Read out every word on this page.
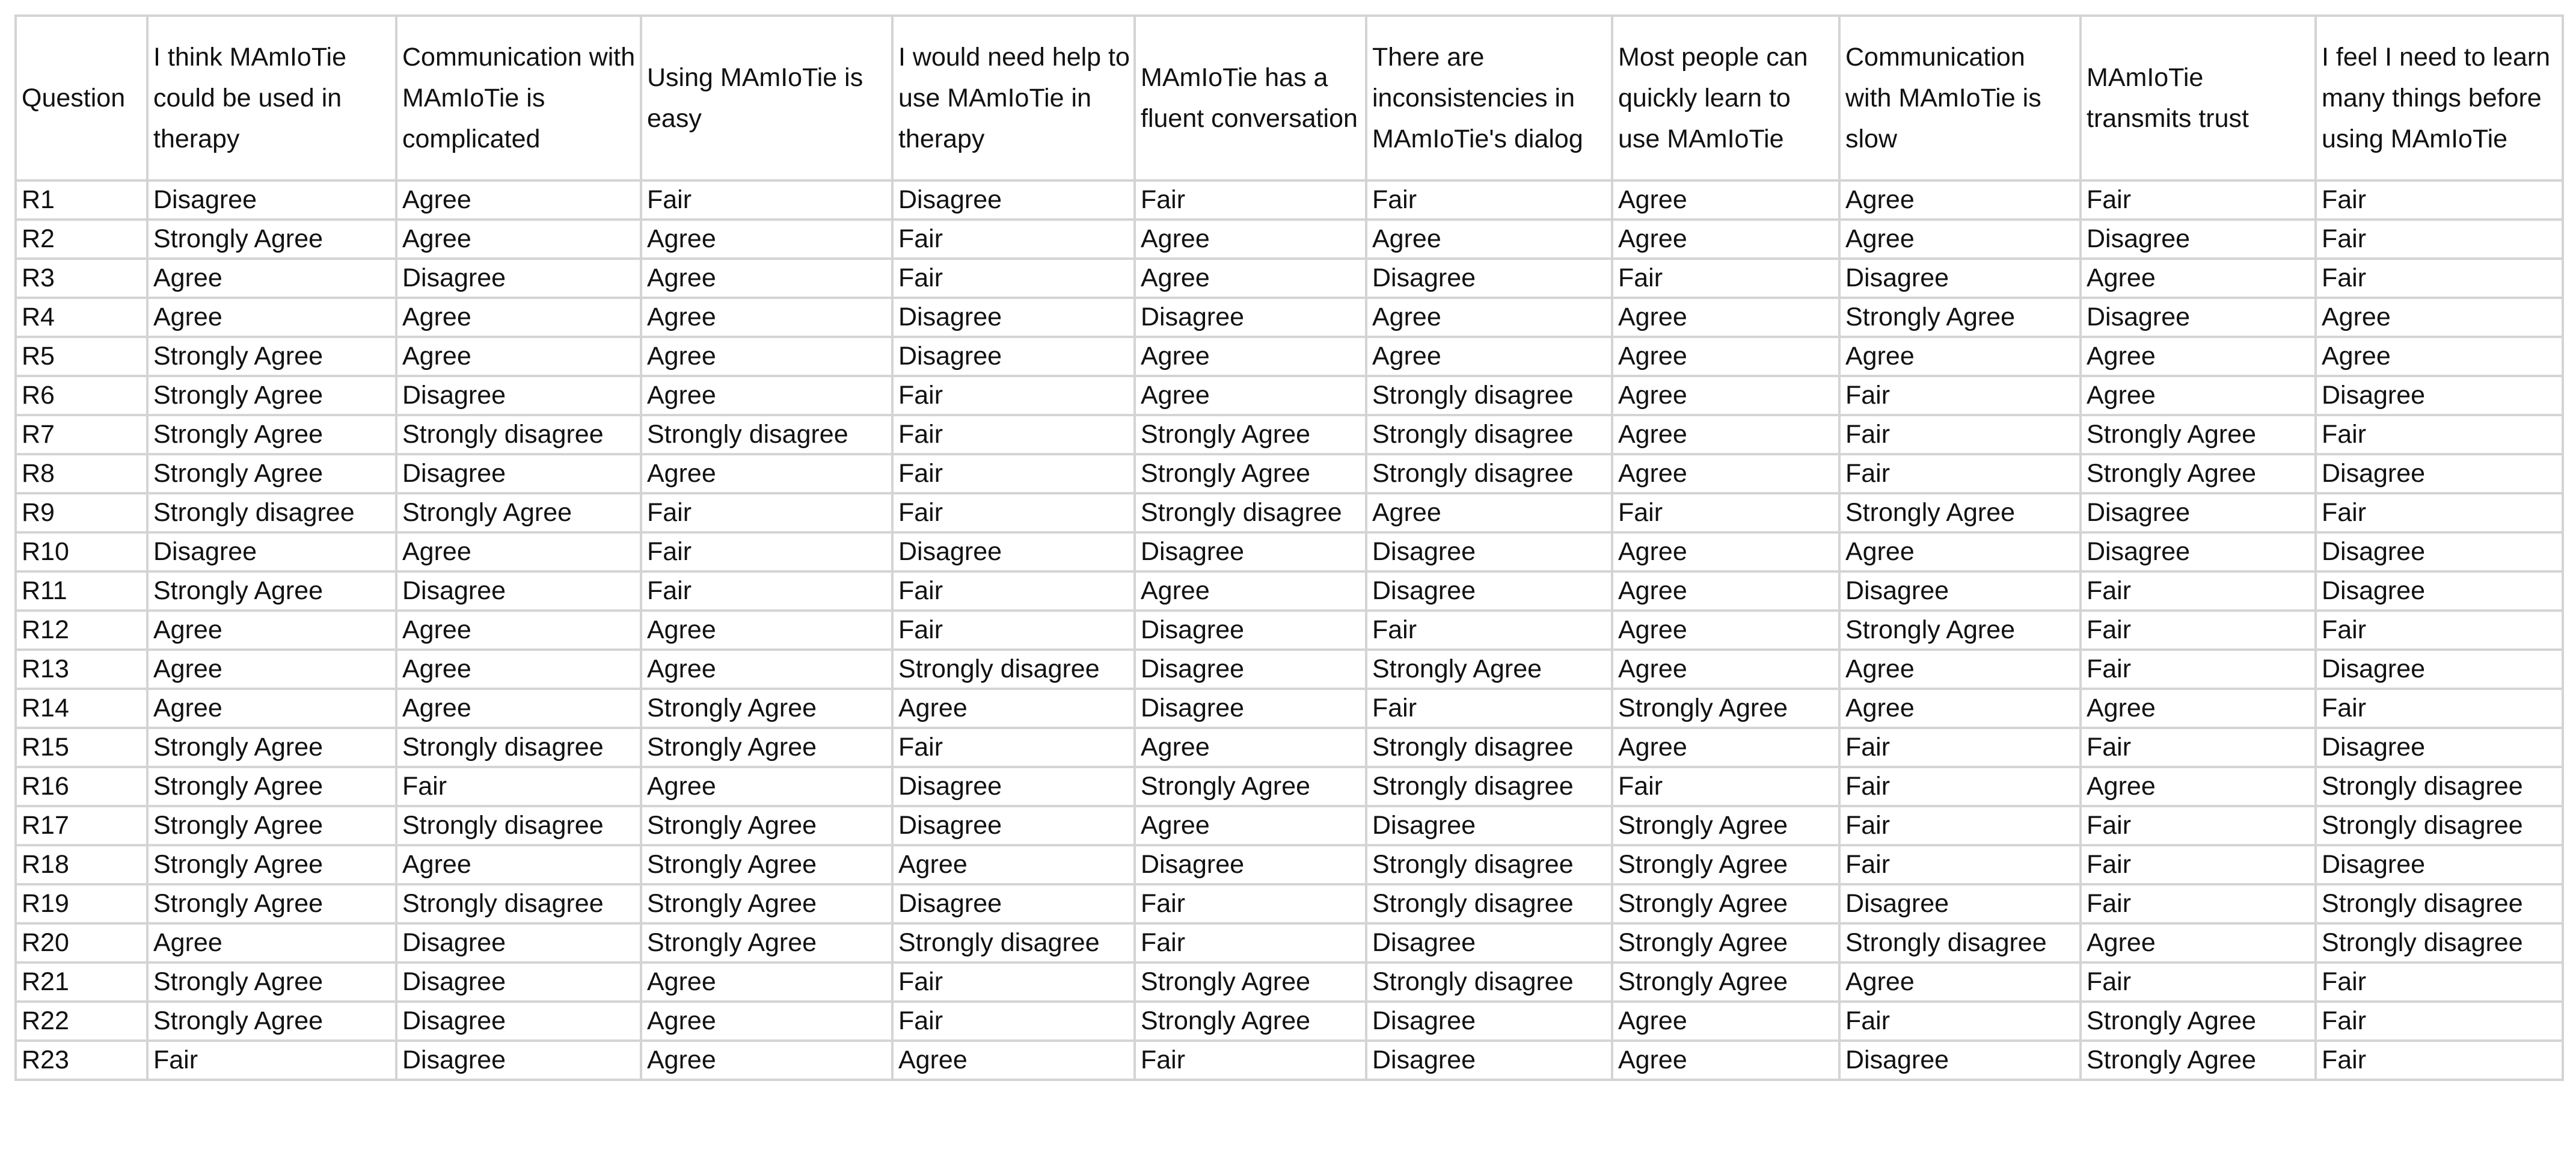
Question	I think MAmIoTie could be used in therapy	Communication with MAmIoTie is complicated	Using MAmIoTie is easy	I would need help to use MAmIoTie in therapy	MAmIoTie has a fluent conversation	There are inconsistencies in MAmIoTie's dialog	Most people can quickly learn to use MAmIoTie	Communication with MAmIoTie is slow	MAmIoTie transmits trust	I feel I need to learn many things before using MAmIoTie
R1	Disagree	Agree	Fair	Disagree	Fair	Fair	Agree	Agree	Fair	Fair
R2	Strongly Agree	Agree	Agree	Fair	Agree	Agree	Agree	Agree	Disagree	Fair
R3	Agree	Disagree	Agree	Fair	Agree	Disagree	Fair	Disagree	Agree	Fair
R4	Agree	Agree	Agree	Disagree	Disagree	Agree	Agree	Strongly Agree	Disagree	Agree
R5	Strongly Agree	Agree	Agree	Disagree	Agree	Agree	Agree	Agree	Agree	Agree
R6	Strongly Agree	Disagree	Agree	Fair	Agree	Strongly disagree	Agree	Fair	Agree	Disagree
R7	Strongly Agree	Strongly disagree	Strongly disagree	Fair	Strongly Agree	Strongly disagree	Agree	Fair	Strongly Agree	Fair
R8	Strongly Agree	Disagree	Agree	Fair	Strongly Agree	Strongly disagree	Agree	Fair	Strongly Agree	Disagree
R9	Strongly disagree	Strongly Agree	Fair	Fair	Strongly disagree	Agree	Fair	Strongly Agree	Disagree	Fair
R10	Disagree	Agree	Fair	Disagree	Disagree	Disagree	Agree	Agree	Disagree	Disagree
R11	Strongly Agree	Disagree	Fair	Fair	Agree	Disagree	Agree	Disagree	Fair	Disagree
R12	Agree	Agree	Agree	Fair	Disagree	Fair	Agree	Strongly Agree	Fair	Fair
R13	Agree	Agree	Agree	Strongly disagree	Disagree	Strongly Agree	Agree	Agree	Fair	Disagree
R14	Agree	Agree	Strongly Agree	Agree	Disagree	Fair	Strongly Agree	Agree	Agree	Fair
R15	Strongly Agree	Strongly disagree	Strongly Agree	Fair	Agree	Strongly disagree	Agree	Fair	Fair	Disagree
R16	Strongly Agree	Fair	Agree	Disagree	Strongly Agree	Strongly disagree	Fair	Fair	Agree	Strongly disagree
R17	Strongly Agree	Strongly disagree	Strongly Agree	Disagree	Agree	Disagree	Strongly Agree	Fair	Fair	Strongly disagree
R18	Strongly Agree	Agree	Strongly Agree	Agree	Disagree	Strongly disagree	Strongly Agree	Fair	Fair	Disagree
R19	Strongly Agree	Strongly disagree	Strongly Agree	Disagree	Fair	Strongly disagree	Strongly Agree	Disagree	Fair	Strongly disagree
R20	Agree	Disagree	Strongly Agree	Strongly disagree	Fair	Disagree	Strongly Agree	Strongly disagree	Agree	Strongly disagree
R21	Strongly Agree	Disagree	Agree	Fair	Strongly Agree	Strongly disagree	Strongly Agree	Agree	Fair	Fair
R22	Strongly Agree	Disagree	Agree	Fair	Strongly Agree	Disagree	Agree	Fair	Strongly Agree	Fair
R23	Fair	Disagree	Agree	Agree	Fair	Disagree	Agree	Disagree	Strongly Agree	Fair
